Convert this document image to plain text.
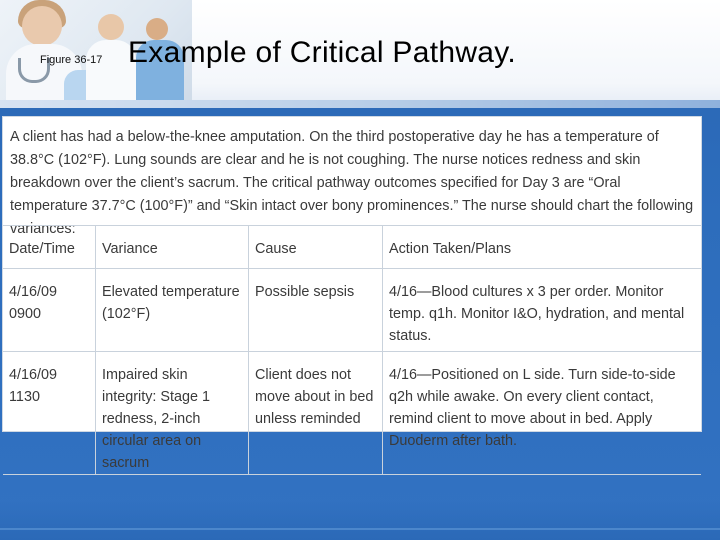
Figure 36-17 Example of Critical Pathway.
A client has had a below-the-knee amputation. On the third postoperative day he has a temperature of 38.8°C (102°F). Lung sounds are clear and he is not coughing. The nurse notices redness and skin breakdown over the client’s sacrum. The critical pathway outcomes specified for Day 3 are “Oral temperature 37.7°C (100°F)” and “Skin intact over bony prominences.” The nurse should chart the following variances:
Date/Time	Variance	Cause	Action Taken/Plans
4/16/09 0900	Elevated temperature (102°F)	Possible sepsis	4/16—Blood cultures x 3 per order. Monitor temp. q1h. Monitor I&O, hydration, and mental status.
4/16/09 1130	Impaired skin integrity: Stage 1 redness, 2-inch circular area on sacrum	Client does not move about in bed unless reminded	4/16—Positioned on L side. Turn side-to-side q2h while awake. On every client contact, remind client to move about in bed. Apply Duoderm after bath.
